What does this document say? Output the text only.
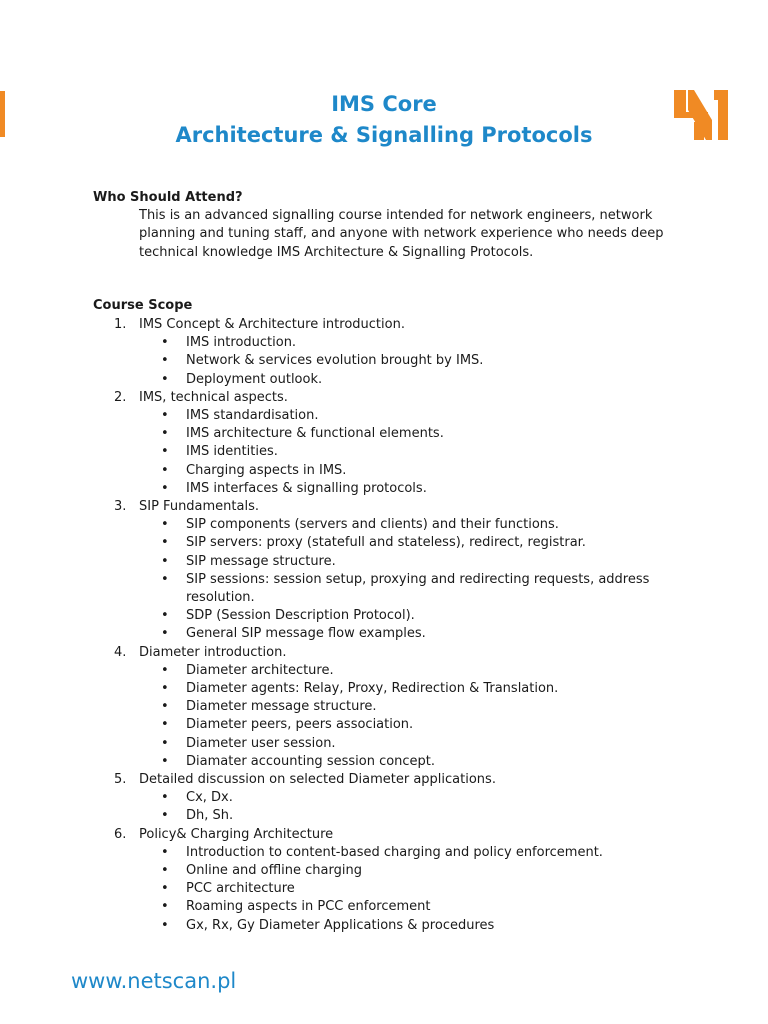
IMS Core
Architecture & Signalling Protocols
Who Should Attend?
This is an advanced signalling course intended for network engineers, network planning and tuning staff, and anyone with network experience who needs deep technical knowledge IMS Architecture & Signalling Protocols.
Course Scope
1. IMS Concept & Architecture introduction.
• IMS introduction.
• Network & services evolution brought by IMS.
• Deployment outlook.
2. IMS, technical aspects.
• IMS standardisation.
• IMS architecture & functional elements.
• IMS identities.
• Charging aspects in IMS.
• IMS interfaces & signalling protocols.
3. SIP Fundamentals.
• SIP components (servers and clients) and their functions.
• SIP servers: proxy (statefull and stateless), redirect, registrar.
• SIP message structure.
• SIP sessions: session setup, proxying and redirecting requests, address resolution.
• SDP (Session Description Protocol).
• General SIP message flow examples.
4. Diameter introduction.
• Diameter architecture.
• Diameter agents: Relay, Proxy, Redirection & Translation.
• Diameter message structure.
• Diameter peers, peers association.
• Diameter user session.
• Diamater accounting session concept.
5. Detailed discussion on selected Diameter applications.
• Cx, Dx.
• Dh, Sh.
6. Policy& Charging Architecture
• Introduction to content-based charging and policy enforcement.
• Online and offline charging
• PCC architecture
• Roaming aspects in PCC enforcement
• Gx, Rx, Gy Diameter Applications & procedures
www.netscan.pl
